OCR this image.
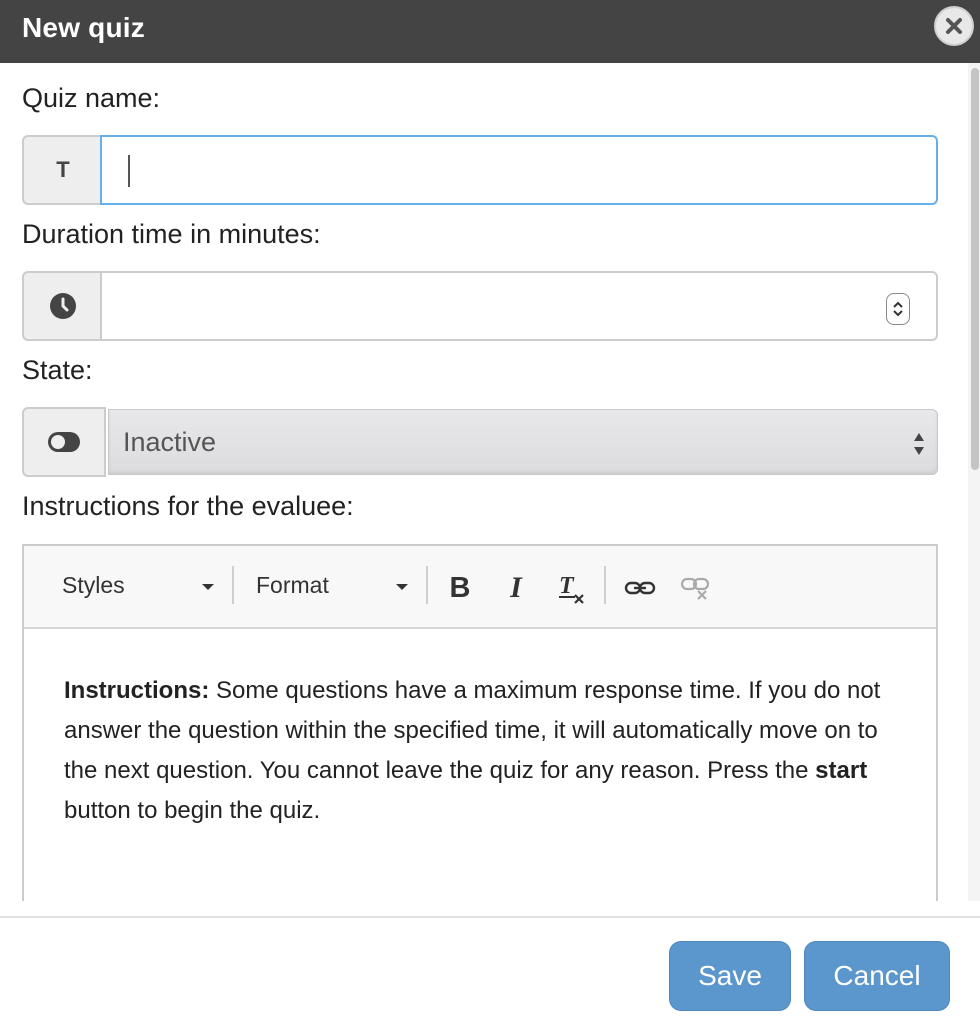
New quiz
Quiz name:
T
Duration time in minutes:
State:
Inactive
Instructions for the evaluee:
Styles	Format	B I T
Instructions: Some questions have a maximum response time. If you do not answer the question within the specified time, it will automatically move on to the next question. You cannot leave the quiz for any reason. Press the start button to begin the quiz.
Save	Cancel
